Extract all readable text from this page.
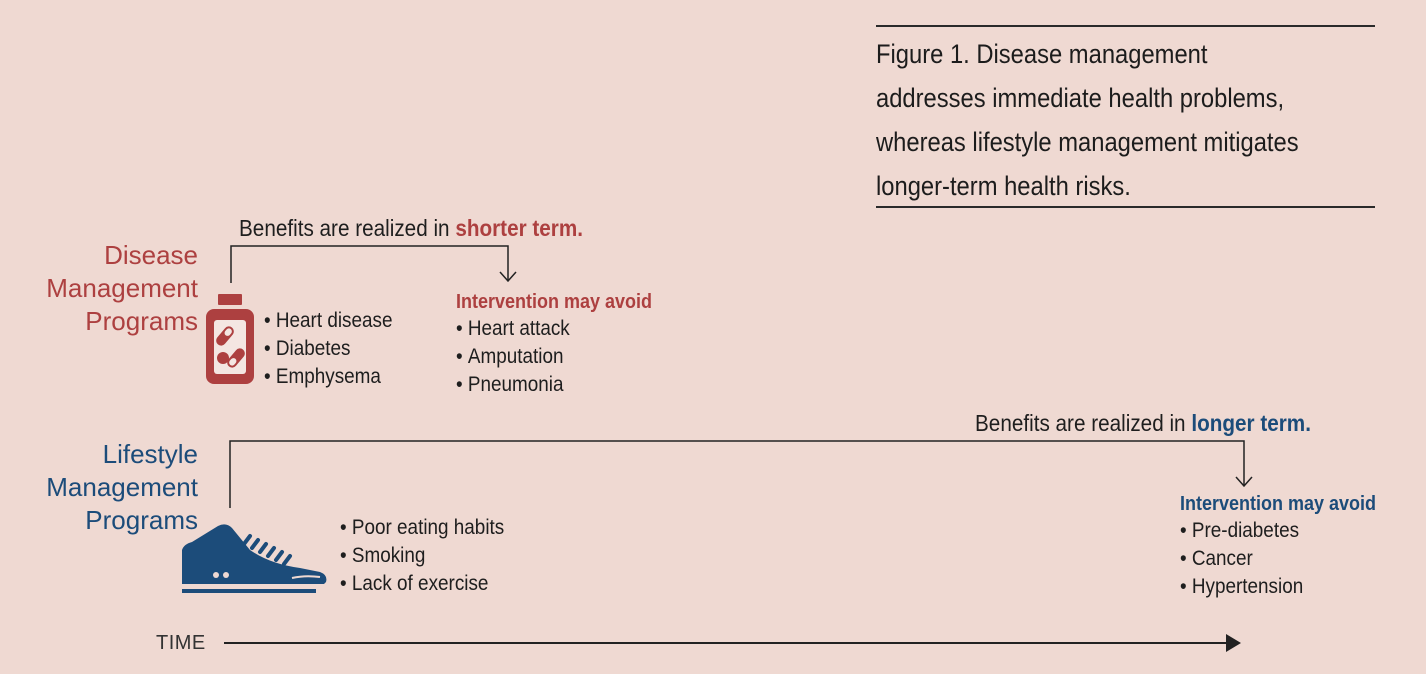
Figure 1. Disease management addresses immediate health problems, whereas lifestyle management mitigates longer-term health risks.
Disease
Management
Programs
Benefits are realized in shorter term.
• Heart disease
• Diabetes
• Emphysema
Intervention may avoid
• Heart attack
• Amputation
• Pneumonia
Lifestyle
Management
Programs
Benefits are realized in longer term.
• Poor eating habits
• Smoking
• Lack of exercise
Intervention may avoid
• Pre-diabetes
• Cancer
• Hypertension
TIME
